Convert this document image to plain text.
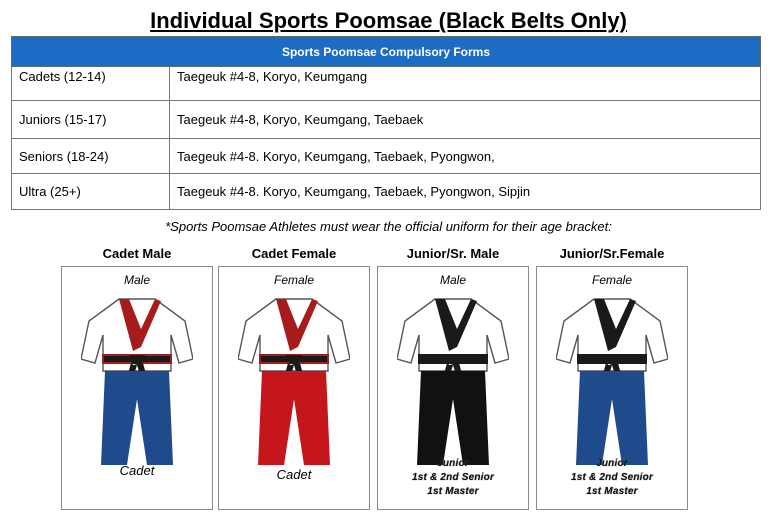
Individual Sports Poomsae (Black Belts Only)
Sports Poomsae Compulsory Forms	
Cadets (12-14)	Taegeuk #4-8, Koryo, Keumgang
Juniors (15-17)	Taegeuk #4-8, Koryo, Keumgang, Taebaek
Seniors (18-24)	Taegeuk #4-8. Koryo, Keumgang, Taebaek, Pyongwon,
Ultra (25+)	Taegeuk #4-8. Koryo, Keumgang, Taebaek, Pyongwon, Sipjin
*Sports Poomsae Athletes must wear the official uniform for their age bracket:
Cadet Male
Male
Cadet
Cadet Female
Female
Cadet
Junior/Sr. Male
Male
Junior
1st & 2nd Senior
1st Master
Junior/Sr.Female
Female
Junior
1st & 2nd Senior
1st Master
